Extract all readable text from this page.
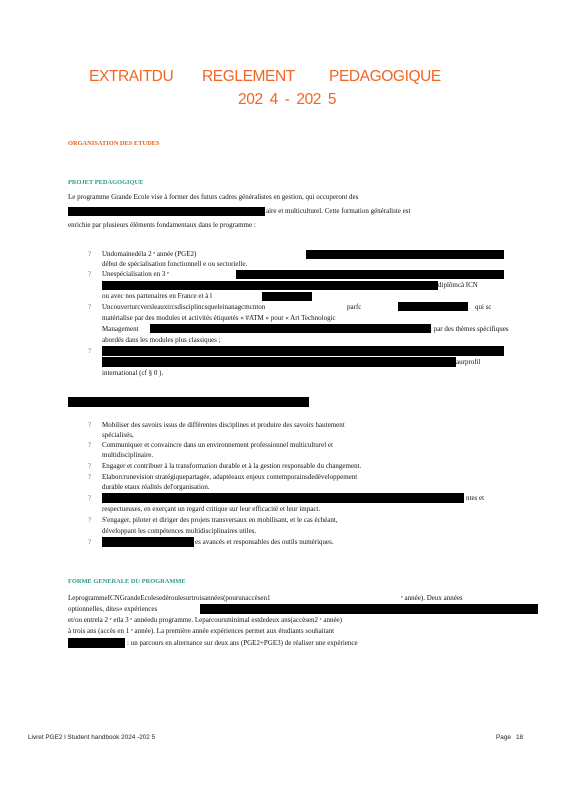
EXTRAITDU REGLEMENT PEDAGOGIQUE
202 4 - 202 5
ORGANISATION DES ETUDES
PROJET PEDAGOGIQUE
Le programme Grande Ecole vise à former des futurs cadres généralistes en gestion, qui occuperont des
aire et multiculturel. Cette formation généraliste est
enrichie par plusieurs éléments fondamentaux dans le programme :
? Undomainedéla 2 ᵉ année (PGE2)
début de spécialisation fonctionnell e ou sectorielle.
? Unespécialisation en 3 ᵉ
diplômcà ICN
ou avec nos partenaires en France et à l
? Uncouverturcversleauxtrcsdisciplincsqueleinanagcmcnton	parfc	qui sc
matérialise par des modules et activités étiquetés « #ATM » pour « Art Technologic
Management	: par des thèmes spécifiques
abordés dans les modules plus classiques ;
?
aurprofil
international (cf § 0 ).
? Mobiliser des savoirs issus de différentes disciplines et produire des savoirs hautement
spécialisés,
? Communiquer et convaincre dans un environnement professionnel multiculturel et
multidisciplinaire.
? Engager et contribuer à la transformation durable et à la gestion responsable du changement.
? Elaborcrunevision stratégiquepartagée, adaptéeaux enjeux contemporainsdedéveloppement
durable etaux réalités del'organisation.
?	ntes et
respectueuses, en exerçant un regard critique sur leur efficacité et leur impact.
? S'engager, piloter et diriger des projets transversaux en mobilisant, et le cas échéant,
développant les compétences multidisciplinaires utiles.
?	es avancés et responsables des outils numériques.
FORME GENERALE DU PROGRAMME
LeprogrammeICNGrandeEcolesedéroulesurtroisannées(pourunaccèsen1	ᵉ année). Deux années
optionnelles, dites« expériences
et/ou entrela 2 ᵉ etla 3 ᵉ annéedu programme. Leparcoursminimal estdedeux ans(accèsen2 ᵉ année)
à trois ans (accès en 1 ᵉ année). La première année expériences permet aux étudiants souhaitant
: un parcours en alternance sur deux ans (PGE2+PGE3) de réaliser une expérience
Livret PGE2 l Student handbook 2024 -202 5	Page 18
